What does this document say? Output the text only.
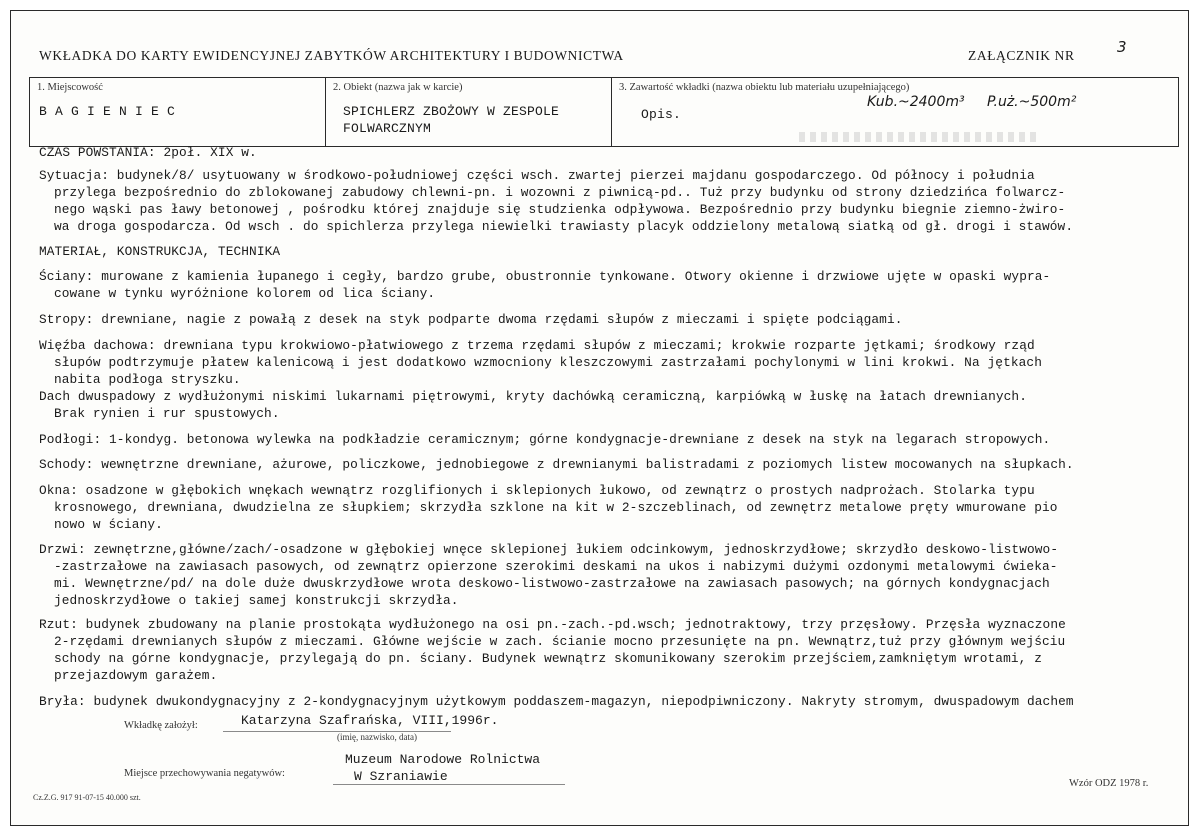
WKŁADKA DO KARTY EWIDENCYJNEJ ZABYTKÓW ARCHITEKTURY I BUDOWNICTWA	ZAŁĄCZNIK NR	3
1. Miejscowość
B A G I E N I E C
2. Obiekt (nazwa jak w karcie)
SPICHLERZ ZBOŻOWY W ZESPOLE
FOLWARCZNYM
3. Zawartość wkładki (nazwa obiektu lub materiału uzupełniającego)
Opis.
Kub.~2400m³ P.uż.~500m²
CZAS POWSTANIA: 2poł. XIX w.
Sytuacja: budynek/8/ usytuowany w środkowo-południowej części wsch. zwartej pierzei majdanu gospodarczego. Od północy i południa
przylega bezpośrednio do zblokowanej zabudowy chlewni-pn. i wozowni z piwnicą-pd.. Tuż przy budynku od strony dziedzińca folwarcz-
nego wąski pas ławy betonowej , pośrodku której znajduje się studzienka odpływowa. Bezpośrednio przy budynku biegnie ziemno-żwiro-
wa droga gospodarcza. Od wsch . do spichlerza przylega niewielki trawiasty placyk oddzielony metalową siatką od gł. drogi i stawów.
MATERIAŁ, KONSTRUKCJA, TECHNIKA
Ściany: murowane z kamienia łupanego i cegły, bardzo grube, obustronnie tynkowane. Otwory okienne i drzwiowe ujęte w opaski wypra-
cowane w tynku wyróżnione kolorem od lica ściany.
Stropy: drewniane, nagie z powałą z desek na styk podparte dwoma rzędami słupów z mieczami i spięte podciągami.
Więźba dachowa: drewniana typu krokwiowo-płatwiowego z trzema rzędami słupów z mieczami; krokwie rozparte jętkami; środkowy rząd
słupów podtrzymuje płatew kalenicową i jest dodatkowo wzmocniony kleszczowymi zastrzałami pochylonymi w lini krokwi. Na jętkach
nabita podłoga stryszku.
Dach dwuspadowy z wydłużonymi niskimi lukarnami piętrowymi, kryty dachówką ceramiczną, karpiówką w łuskę na łatach drewnianych.
Brak rynien i rur spustowych.
Podłogi: 1-kondyg. betonowa wylewka na podkładzie ceramicznym; górne kondygnacje-drewniane z desek na styk na legarach stropowych.
Schody: wewnętrzne drewniane, ażurowe, policzkowe, jednobiegowe z drewnianymi balistradami z poziomych listew mocowanych na słupkach.
Okna: osadzone w głębokich wnękach wewnątrz rozglifionych i sklepionych łukowo, od zewnątrz o prostych nadprożach. Stolarka typu
krosnowego, drewniana, dwudzielna ze słupkiem; skrzydła szklone na kit w 2-szczeblinach, od zewnętrz metalowe pręty wmurowane pio
nowo w ściany.
Drzwi: zewnętrzne,główne/zach/-osadzone w głębokiej wnęce sklepionej łukiem odcinkowym, jednoskrzydłowe; skrzydło deskowo-listwowo-
-zastrzałowe na zawiasach pasowych, od zewnątrz opierzone szerokimi deskami na ukos i nabizymi dużymi ozdonymi metalowymi ćwieka-
mi. Wewnętrzne/pd/ na dole duże dwuskrzydłowe wrota deskowo-listwowo-zastrzałowe na zawiasach pasowych; na górnych kondygnacjach
jednoskrzydłowe o takiej samej konstrukcji skrzydła.
Rzut: budynek zbudowany na planie prostokąta wydłużonego na osi pn.-zach.-pd.wsch; jednotraktowy, trzy przęsłowy. Przęsła wyznaczone
2-rzędami drewnianych słupów z mieczami. Główne wejście w zach. ścianie mocno przesunięte na pn. Wewnątrz,tuż przy głównym wejściu
schody na górne kondygnacje, przylegają do pn. ściany. Budynek wewnątrz skomunikowany szerokim przejściem,zamkniętym wrotami, z
przejazdowym garażem.
Bryła: budynek dwukondygnacyjny z 2-kondygnacyjnym użytkowym poddaszem-magazyn, niepodpiwniczony. Nakryty stromym, dwuspadowym dachem
Wkładkę założył:	Katarzyna Szafrańska, VIII,1996r.
(imię, nazwisko, data)
Miejsce przechowywania negatywów:
Muzeum Narodowe Rolnictwa
W Szraniawie
Cz.Z.G. 917 91-07-15 40.000 szt.
Wzór ODZ 1978 r.
